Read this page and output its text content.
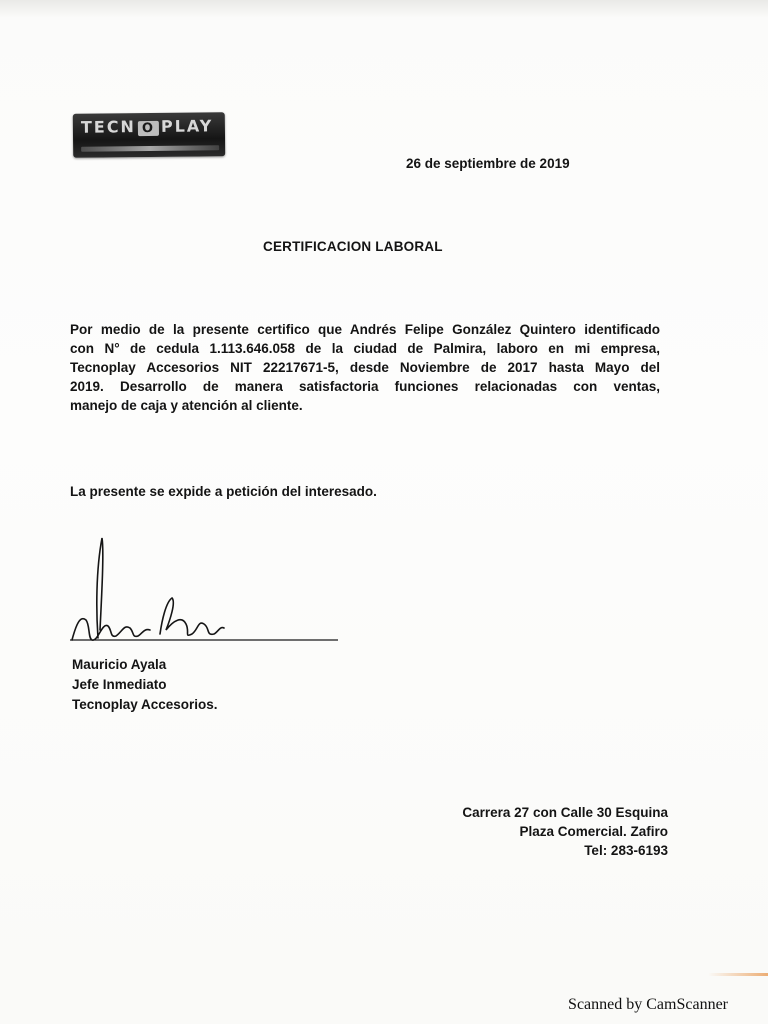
TECN O PLAY
26 de septiembre de 2019
CERTIFICACION LABORAL
Por medio de la presente certifico que Andrés Felipe González Quintero identificado
con N° de cedula 1.113.646.058 de la ciudad de Palmira, laboro en mi empresa,
Tecnoplay Accesorios NIT 22217671-5, desde Noviembre de 2017 hasta Mayo del
2019. Desarrollo de manera satisfactoria funciones relacionadas con ventas,
manejo de caja y atención al cliente.
La presente se expide a petición del interesado.
Mauricio Ayala
Jefe Inmediato
Tecnoplay Accesorios.
Carrera 27 con Calle 30 Esquina
Plaza Comercial. Zafiro
Tel: 283-6193
Scanned by CamScanner
